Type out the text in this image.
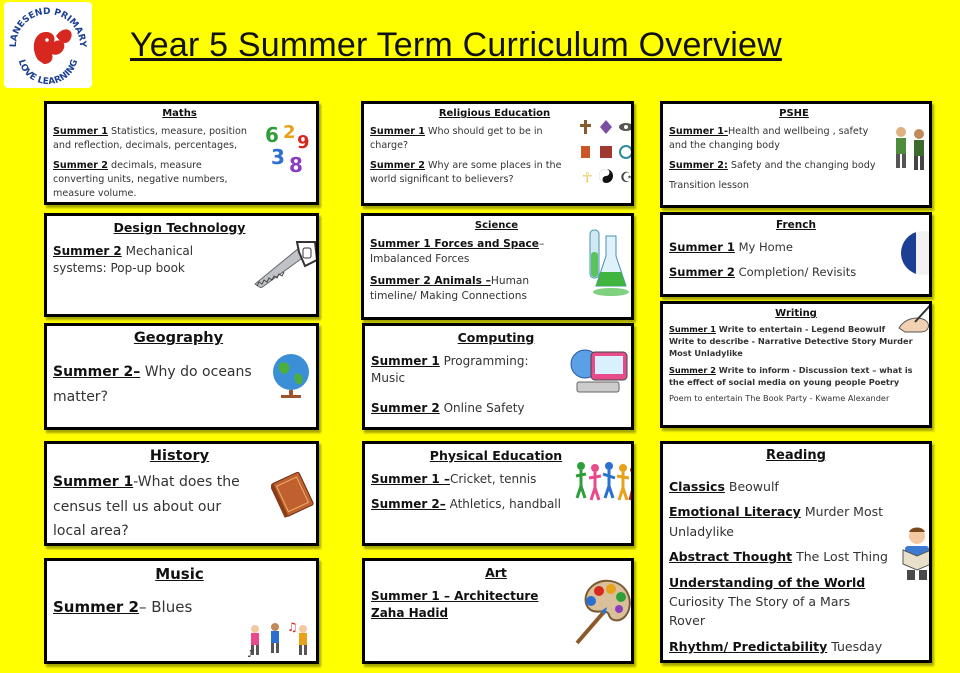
LANESEND PRIMARY
LOVE LEARNING Year 5 Summer Term Curriculum Overview
Maths
Summer 1 Statistics, measure, position and reflection, decimals, percentages,
Summer 2 decimals, measure converting units, negative numbers, measure volume.
6 2 9
3 8
Religious Education
Summer 1 Who should get to be in charge?
Summer 2 Why are some places in the world significant to believers?	☥ ☪
PSHE
Summer 1-Health and wellbeing , safety and the changing body
Summer 2: Safety and the changing body
Transition lesson
Design Technology
Summer 2 Mechanical systems: Pop-up book
Science
Summer 1 Forces and Space– Imbalanced Forces
Summer 2 Animals –Human timeline/ Making Connections
French
Summer 1 My Home
Summer 2 Completion/ Revisits
Writing
Summer 1 Write to entertain - Legend Beowulf
Write to describe - Narrative Detective Story Murder Most Unladylike
Summer 2 Write to inform - Discussion text – what is the effect of social media on young people Poetry
Poem to entertain The Book Party - Kwame Alexander
Geography
Summer 2– Why do oceans matter?
Computing
Summer 1 Programming: Music
Summer 2 Online Safety
History
Summer 1-What does the census tell us about our local area?
Physical Education
Summer 1 –Cricket, tennis
Summer 2– Athletics, handball
Reading
Classics Beowulf
Emotional Literacy Murder Most Unladylike
Abstract Thought The Lost Thing
Understanding of the World Curiosity The Story of a Mars Rover
Rhythm/ Predictability Tuesday
Music
Summer 2– Blues
♫
♪
Art
Summer 1 – Architecture Zaha Hadid
